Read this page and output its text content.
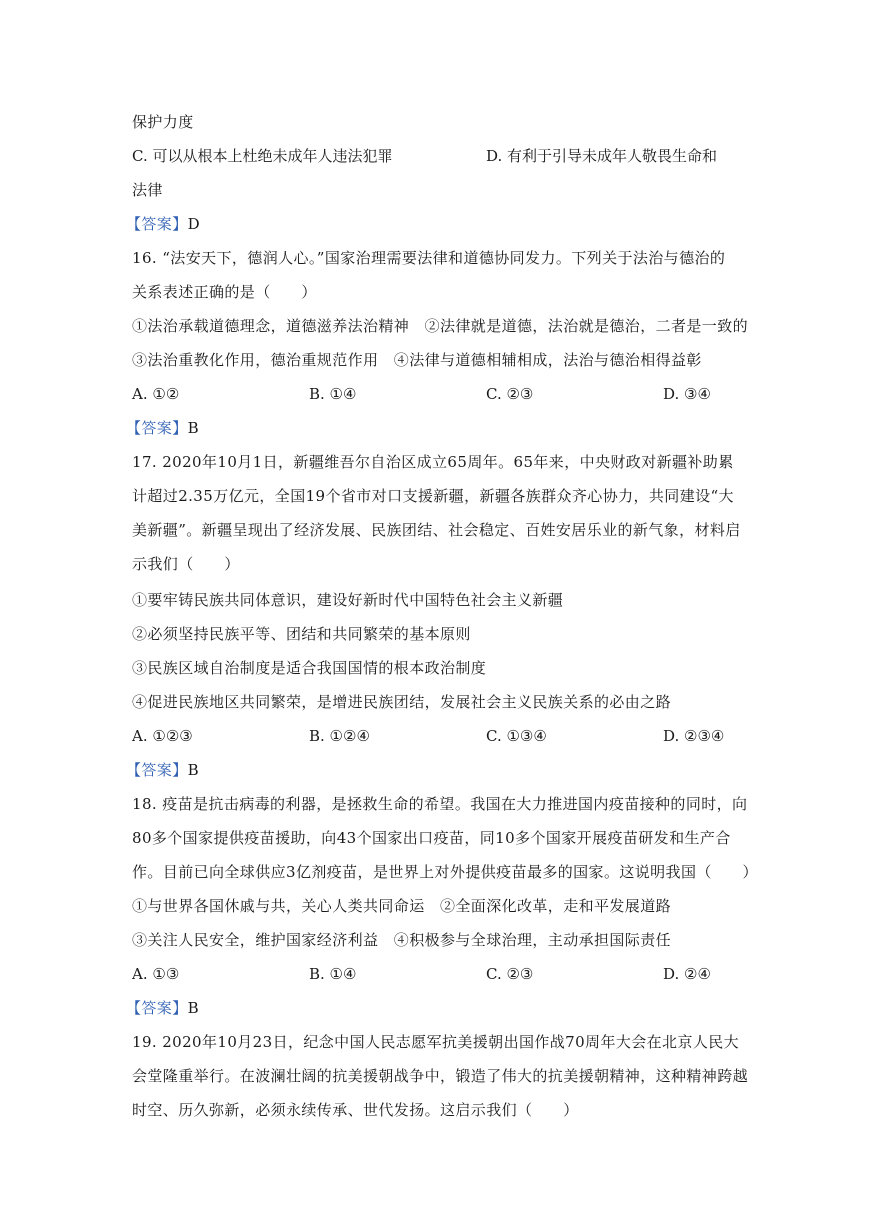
保护力度
C. 可以从根本上杜绝未成年人违法犯罪	D. 有利于引导未成年人敬畏生命和
法律
【答案】D
16. “法安天下，德润人心。”国家治理需要法律和道德协同发力。下列关于法治与德治的
关系表述正确的是（　　）
①法治承载道德理念，道德滋养法治精神　②法律就是道德，法治就是德治，二者是一致的
③法治重教化作用，德治重规范作用　④法律与道德相辅相成，法治与德治相得益彰
A. ①②	B. ①④	C. ②③	D. ③④
【答案】B
17. 2020年10月1日，新疆维吾尔自治区成立65周年。65年来，中央财政对新疆补助累
计超过2.35万亿元，全国19个省市对口支援新疆，新疆各族群众齐心协力，共同建设“大
美新疆”。新疆呈现出了经济发展、民族团结、社会稳定、百姓安居乐业的新气象，材料启
示我们（　　）
①要牢铸民族共同体意识，建设好新时代中国特色社会主义新疆
②必须坚持民族平等、团结和共同繁荣的基本原则
③民族区域自治制度是适合我国国情的根本政治制度
④促进民族地区共同繁荣，是增进民族团结，发展社会主义民族关系的必由之路
A. ①②③	B. ①②④	C. ①③④	D. ②③④
【答案】B
18. 疫苗是抗击病毒的利器，是拯救生命的希望。我国在大力推进国内疫苗接种的同时，向
80多个国家提供疫苗援助，向43个国家出口疫苗，同10多个国家开展疫苗研发和生产合
作。目前已向全球供应3亿剂疫苗，是世界上对外提供疫苗最多的国家。这说明我国（　　）
①与世界各国休戚与共，关心人类共同命运　②全面深化改革，走和平发展道路
③关注人民安全，维护国家经济利益　④积极参与全球治理，主动承担国际责任
A. ①③	B. ①④	C. ②③	D. ②④
【答案】B
19. 2020年10月23日，纪念中国人民志愿军抗美援朝出国作战70周年大会在北京人民大
会堂隆重举行。在波澜壮阔的抗美援朝战争中，锻造了伟大的抗美援朝精神，这种精神跨越
时空、历久弥新，必须永续传承、世代发扬。这启示我们（　　）
